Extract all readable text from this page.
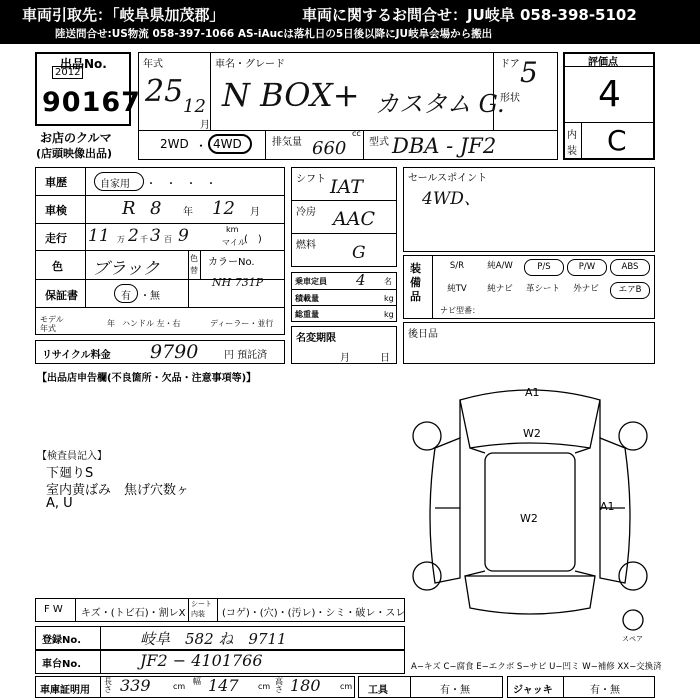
車両引取先：「岐阜県加茂郡」	車両に関するお問合せ：JU岐阜 058-398-5102
陸送問合せ:US物流 058-397-1066 AS-iAucは落札日の5日後以降にJU岐阜会場から搬出
出品No.
2012
90167
お店のクルマ
(店頭映像出品)
年式
25 12
月
車名・グレード
N BOX+ カスタム G.
ドア 5
形状
2WD ・ 4WD	排気量 660
cc
型式 DBA - JF2
評価点
4
内
装 C
車歴	自家用 ・　・　・　・
車検	R 8 年 12 月
走行 11 万 2 千 3 百 9	km
マイル
(　)
色 ブラック
色
替
カラーNo.
NH 731P
保証書	有 ・無
モデル年式
年 ハンドル 左・右	ディーラー・並行
リサイクル料金 9790	円 預託済
シフト IAT
冷房 AAC
燃料 G
乗車定員 4 名
積載量	kg
総重量	kg
名変期限
月	日
セールスポイント
4WD、
装
備
品
S/R	純A/W	P/S	P/W	ABS
純TV	純ナビ	革シート	外ナビ	エアB
ナビ型番：
後日品
【出品店申告欄(不良箇所・欠品・注意事項等)】
【検査員記入】
下廻りS
室内黄ばみ　焦げ穴数ヶ
A, U
A1
W2
W2
A1
スペア
F W キズ・(トビ石)・割レX
シート内装	(コゲ)・(穴)・(汚レ)・シミ・破レ・スレ
登録No.	岐阜　582 ね　9711
車台No.	JF2 − 4101766	A−キズ C−腐食 E−エクボ S−サビ U−凹ミ W−補修 XX−交換済
車庫証明用
長
さ 339	cm
幅 147 cm
高
さ 180 cm 工具	有・無	ジャッキ	有・無
